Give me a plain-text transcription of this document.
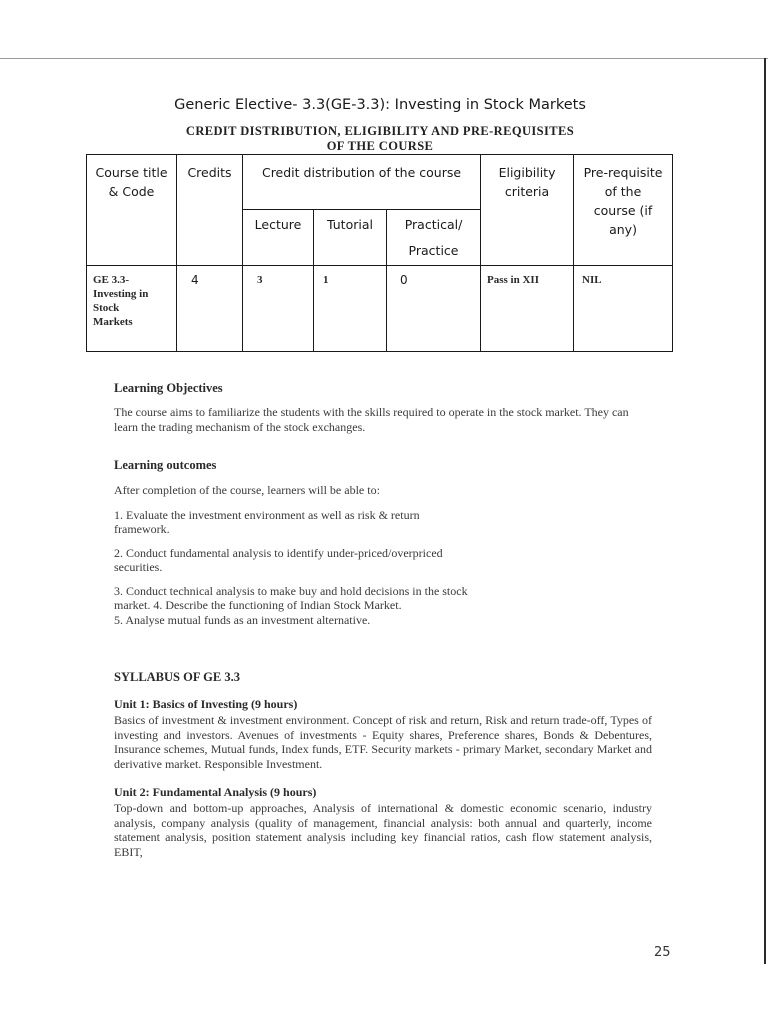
Generic Elective- 3.3(GE-3.3): Investing in Stock Markets
CREDIT DISTRIBUTION, ELIGIBILITY AND PRE-REQUISITES
OF THE COURSE
Course title & Code	Credits	Credit distribution of the course			Eligibility criteria	Pre-requisite of the course (if any)

		Lecture	Tutorial	Practical/
Practice		

GE 3.3- Investing in Stock Markets	4	3	1	0	Pass in XII	NIL
Learning Objectives
The course aims to familiarize the students with the skills required to operate in the stock market. They can learn the trading mechanism of the stock exchanges.
Learning outcomes
After completion of the course, learners will be able to:
1. Evaluate the investment environment as well as risk & return
framework.
2. Conduct fundamental analysis to identify under-priced/overpriced
securities.
3. Conduct technical analysis to make buy and hold decisions in the stock
market. 4. Describe the functioning of Indian Stock Market.
5. Analyse mutual funds as an investment alternative.
SYLLABUS OF GE 3.3
Unit 1: Basics of Investing (9 hours)
Basics of investment & investment environment. Concept of risk and return, Risk and return trade-off, Types of investing and investors. Avenues of investments - Equity shares, Preference shares, Bonds & Debentures, Insurance schemes, Mutual funds, Index funds, ETF. Security markets - primary Market, secondary Market and derivative market. Responsible Investment.
Unit 2: Fundamental Analysis (9 hours)
Top-down and bottom-up approaches, Analysis of international & domestic economic scenario, industry analysis, company analysis (quality of management, financial analysis: both annual and quarterly, income statement analysis, position statement analysis including key financial ratios, cash flow statement analysis, EBIT,
25
